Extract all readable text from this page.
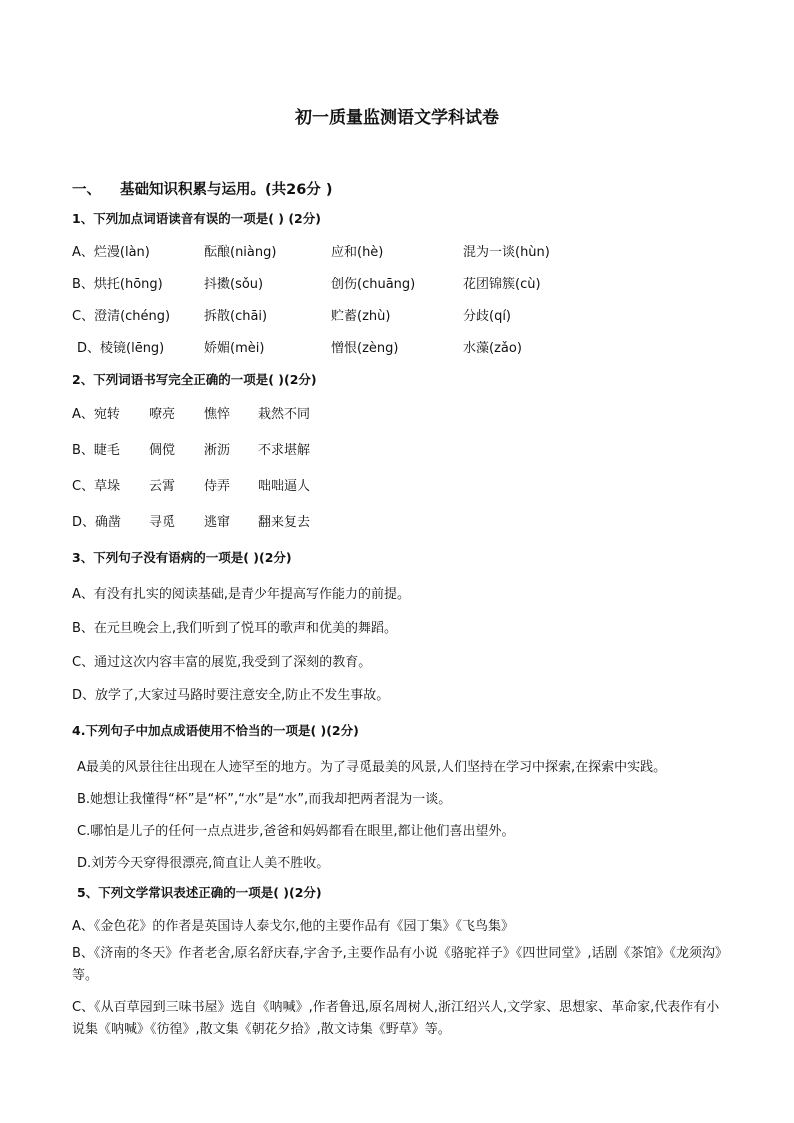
初一质量监测语文学科试卷
一、 基础知识积累与运用。(共26分 )
1、下列加点词语读音有误的一项是( ) (2分)
A、烂漫(làn)	酝酿(niàng)	应和(hè)	混为一谈(hùn)
B、烘托(hōng)	抖擞(sǒu)	创伤(chuāng)	花团锦簇(cù)
C、澄清(chéng)	拆散(chāi)	贮蓄(zhù)	分歧(qí)
D、棱镜(lēng)	娇媚(mèi)	憎恨(zèng)	水藻(zǎo)
2、下列词语书写完全正确的一项是( )(2分)
A、宛转 嘹亮 憔悴 栽然不同
B、睫毛 倜傥 淅沥 不求堪解
C、草垛 云霄 侍弄 咄咄逼人
D、确凿 寻觅 逃窜 翻来复去
3、下列句子没有语病的一项是( )(2分)
A、有没有扎实的阅读基础,是青少年提高写作能力的前提。
B、在元旦晚会上,我们听到了悦耳的歌声和优美的舞蹈。
C、通过这次内容丰富的展览,我受到了深刻的教育。
D、放学了,大家过马路时要注意安全,防止不发生事故。
4.下列句子中加点成语使用不恰当的一项是( )(2分)
A最美的风景往往出现在人迹罕至的地方。为了寻觅最美的风景,人们坚持在学习中探索,在探索中实践。
B.她想让我懂得“杯”是“杯”,“水”是“水”,而我却把两者混为一谈。
C.哪怕是儿子的任何一点点进步,爸爸和妈妈都看在眼里,都让他们喜出望外。
D.刘芳今天穿得很漂亮,简直让人美不胜收。
5、下列文学常识表述正确的一项是( )(2分)
A、《金色花》的作者是英国诗人泰戈尔,他的主要作品有《园丁集》《飞鸟集》
B、《济南的冬天》作者老舍,原名舒庆春,字舍予,主要作品有小说《骆驼祥子》《四世同堂》,话剧《茶馆》《龙须沟》等。
C、《从百草园到三味书屋》选自《呐喊》,作者鲁迅,原名周树人,浙江绍兴人,文学家、思想家、革命家,代表作有小说集《呐喊》《彷徨》,散文集《朝花夕拾》,散文诗集《野草》等。
